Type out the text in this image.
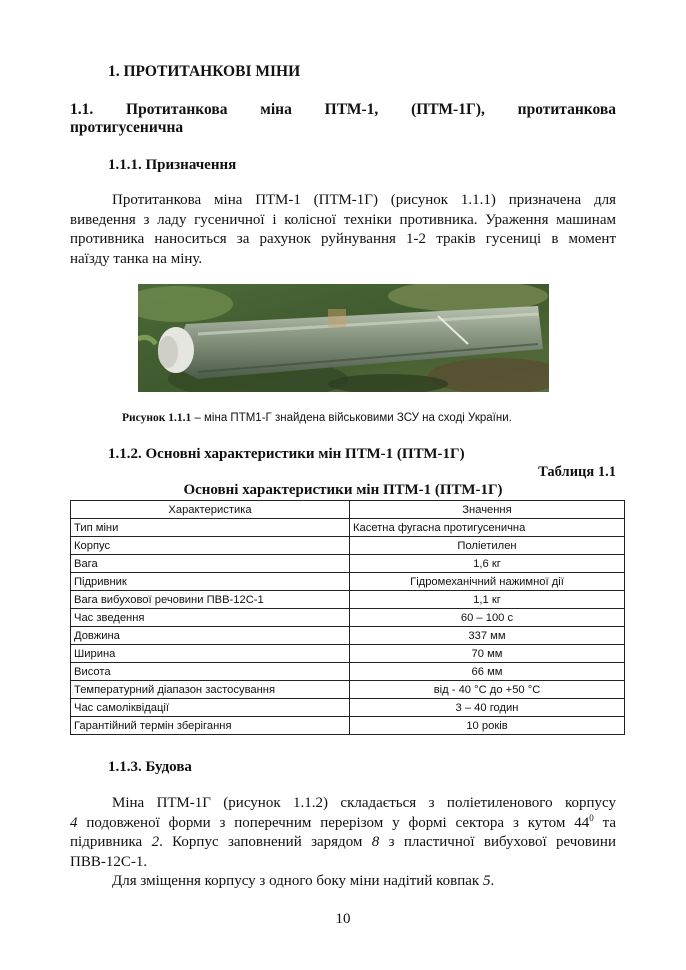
1. ПРОТИТАНКОВІ МІНИ
1.1. Протитанкова міна ПТМ-1, (ПТМ-1Г), протитанкова
протигусенична
1.1.1. Призначення
Протитанкова міна ПТМ-1 (ПТМ-1Г) (рисунок 1.1.1) призначена для
виведення з ладу гусеничної і колісної техніки противника. Ураження машинам
противника наноситься за рахунок руйнування 1-2 траків гусениці в момент
наїзду танка на міну.
Рисунок 1.1.1 – міна ПТМ1-Г знайдена військовими ЗСУ на сході України.
1.1.2. Основні характеристики мін ПТМ-1 (ПТМ-1Г)
Таблиця 1.1
Основні характеристики мін ПТМ-1 (ПТМ-1Г)
Характеристика	Значення
Тип міни	Касетна фугасна протигусенична
Корпус	Поліетилен
Вага	1,6 кг
Підривник	Гідромеханічний нажимної дії
Вага вибухової речовини ПВВ-12С-1	1,1 кг
Час зведення	60 – 100 с
Довжина	337 мм
Ширина	70 мм
Висота	66 мм
Температурний діапазон застосування	від - 40 °С до +50 °С
Час самоліквідації	3 – 40 годин
Гарантійний термін зберігання	10 років
1.1.3. Будова
Міна ПТМ-1Г (рисунок 1.1.2) складається з поліетиленового корпусу
4 подовженої форми з поперечним перерізом у формі сектора з кутом $44^0$ та
підривника 2. Корпус заповнений зарядом 8 з пластичної вибухової речовини
ПВВ-12С-1.
Для зміщення корпусу з одного боку міни надітий ковпак 5.
10
